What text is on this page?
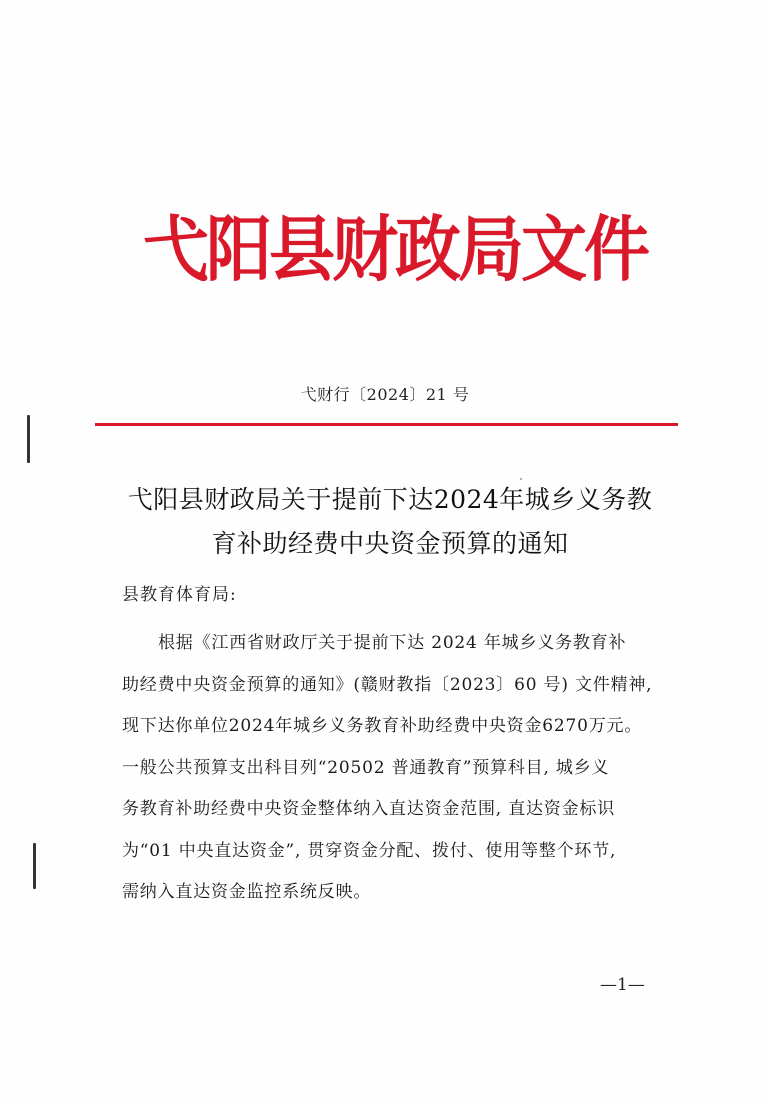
弋阳县财政局文件
弋财行〔2024〕21 号
弋阳县财政局关于提前下达2024年城乡义务教
育补助经费中央资金预算的通知
县教育体育局:
根据《江西省财政厅关于提前下达 2024 年城乡义务教育补
助经费中央资金预算的通知》(赣财教指〔2023〕60 号) 文件精神,
现下达你单位2024年城乡义务教育补助经费中央资金6270万元。
一般公共预算支出科目列“20502 普通教育”预算科目, 城乡义
务教育补助经费中央资金整体纳入直达资金范围, 直达资金标识
为“01 中央直达资金”, 贯穿资金分配、拨付、使用等整个环节,
需纳入直达资金监控系统反映。
—1—
